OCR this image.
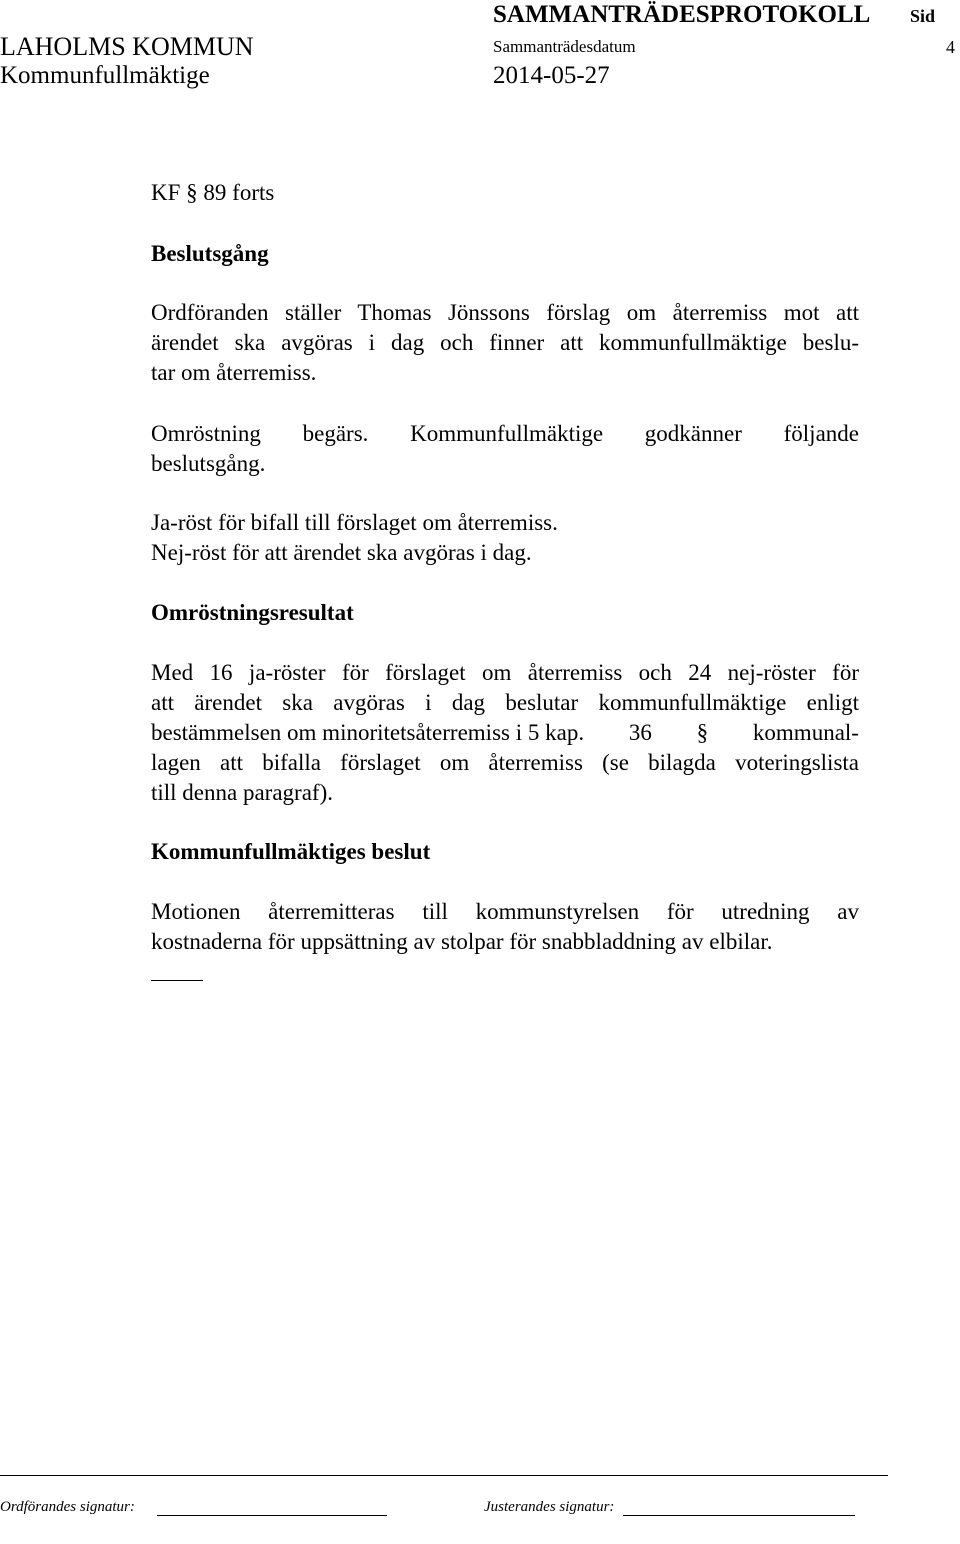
SAMMANTRÄDESPROTOKOLL Sid
LAHOLMS KOMMUN	Sammanträdesdatum	4
Kommunfullmäktige	2014-05-27
KF § 89 forts
Beslutsgång
Ordföranden ställer Thomas Jönssons förslag om återremiss mot att
ärendet ska avgöras i dag och finner att kommunfullmäktige beslu-
tar om återremiss.
Omröstning begärs. Kommunfullmäktige godkänner följande
beslutsgång.
Ja-röst för bifall till förslaget om återremiss.
Nej-röst för att ärendet ska avgöras i dag.
Omröstningsresultat
Med 16 ja-röster för förslaget om återremiss och 24 nej-röster för
att ärendet ska avgöras i dag beslutar kommunfullmäktige enligt
bestämmelsen om minoritetsåterremiss i 5 kap. 36 § kommunal-
lagen att bifalla förslaget om återremiss (se bilagda voteringslista
till denna paragraf).
Kommunfullmäktiges beslut
Motionen återremitteras till kommunstyrelsen för utredning av
kostnaderna för uppsättning av stolpar för snabbladdning av elbilar.
Ordförandes signatur:	Justerandes signatur:
